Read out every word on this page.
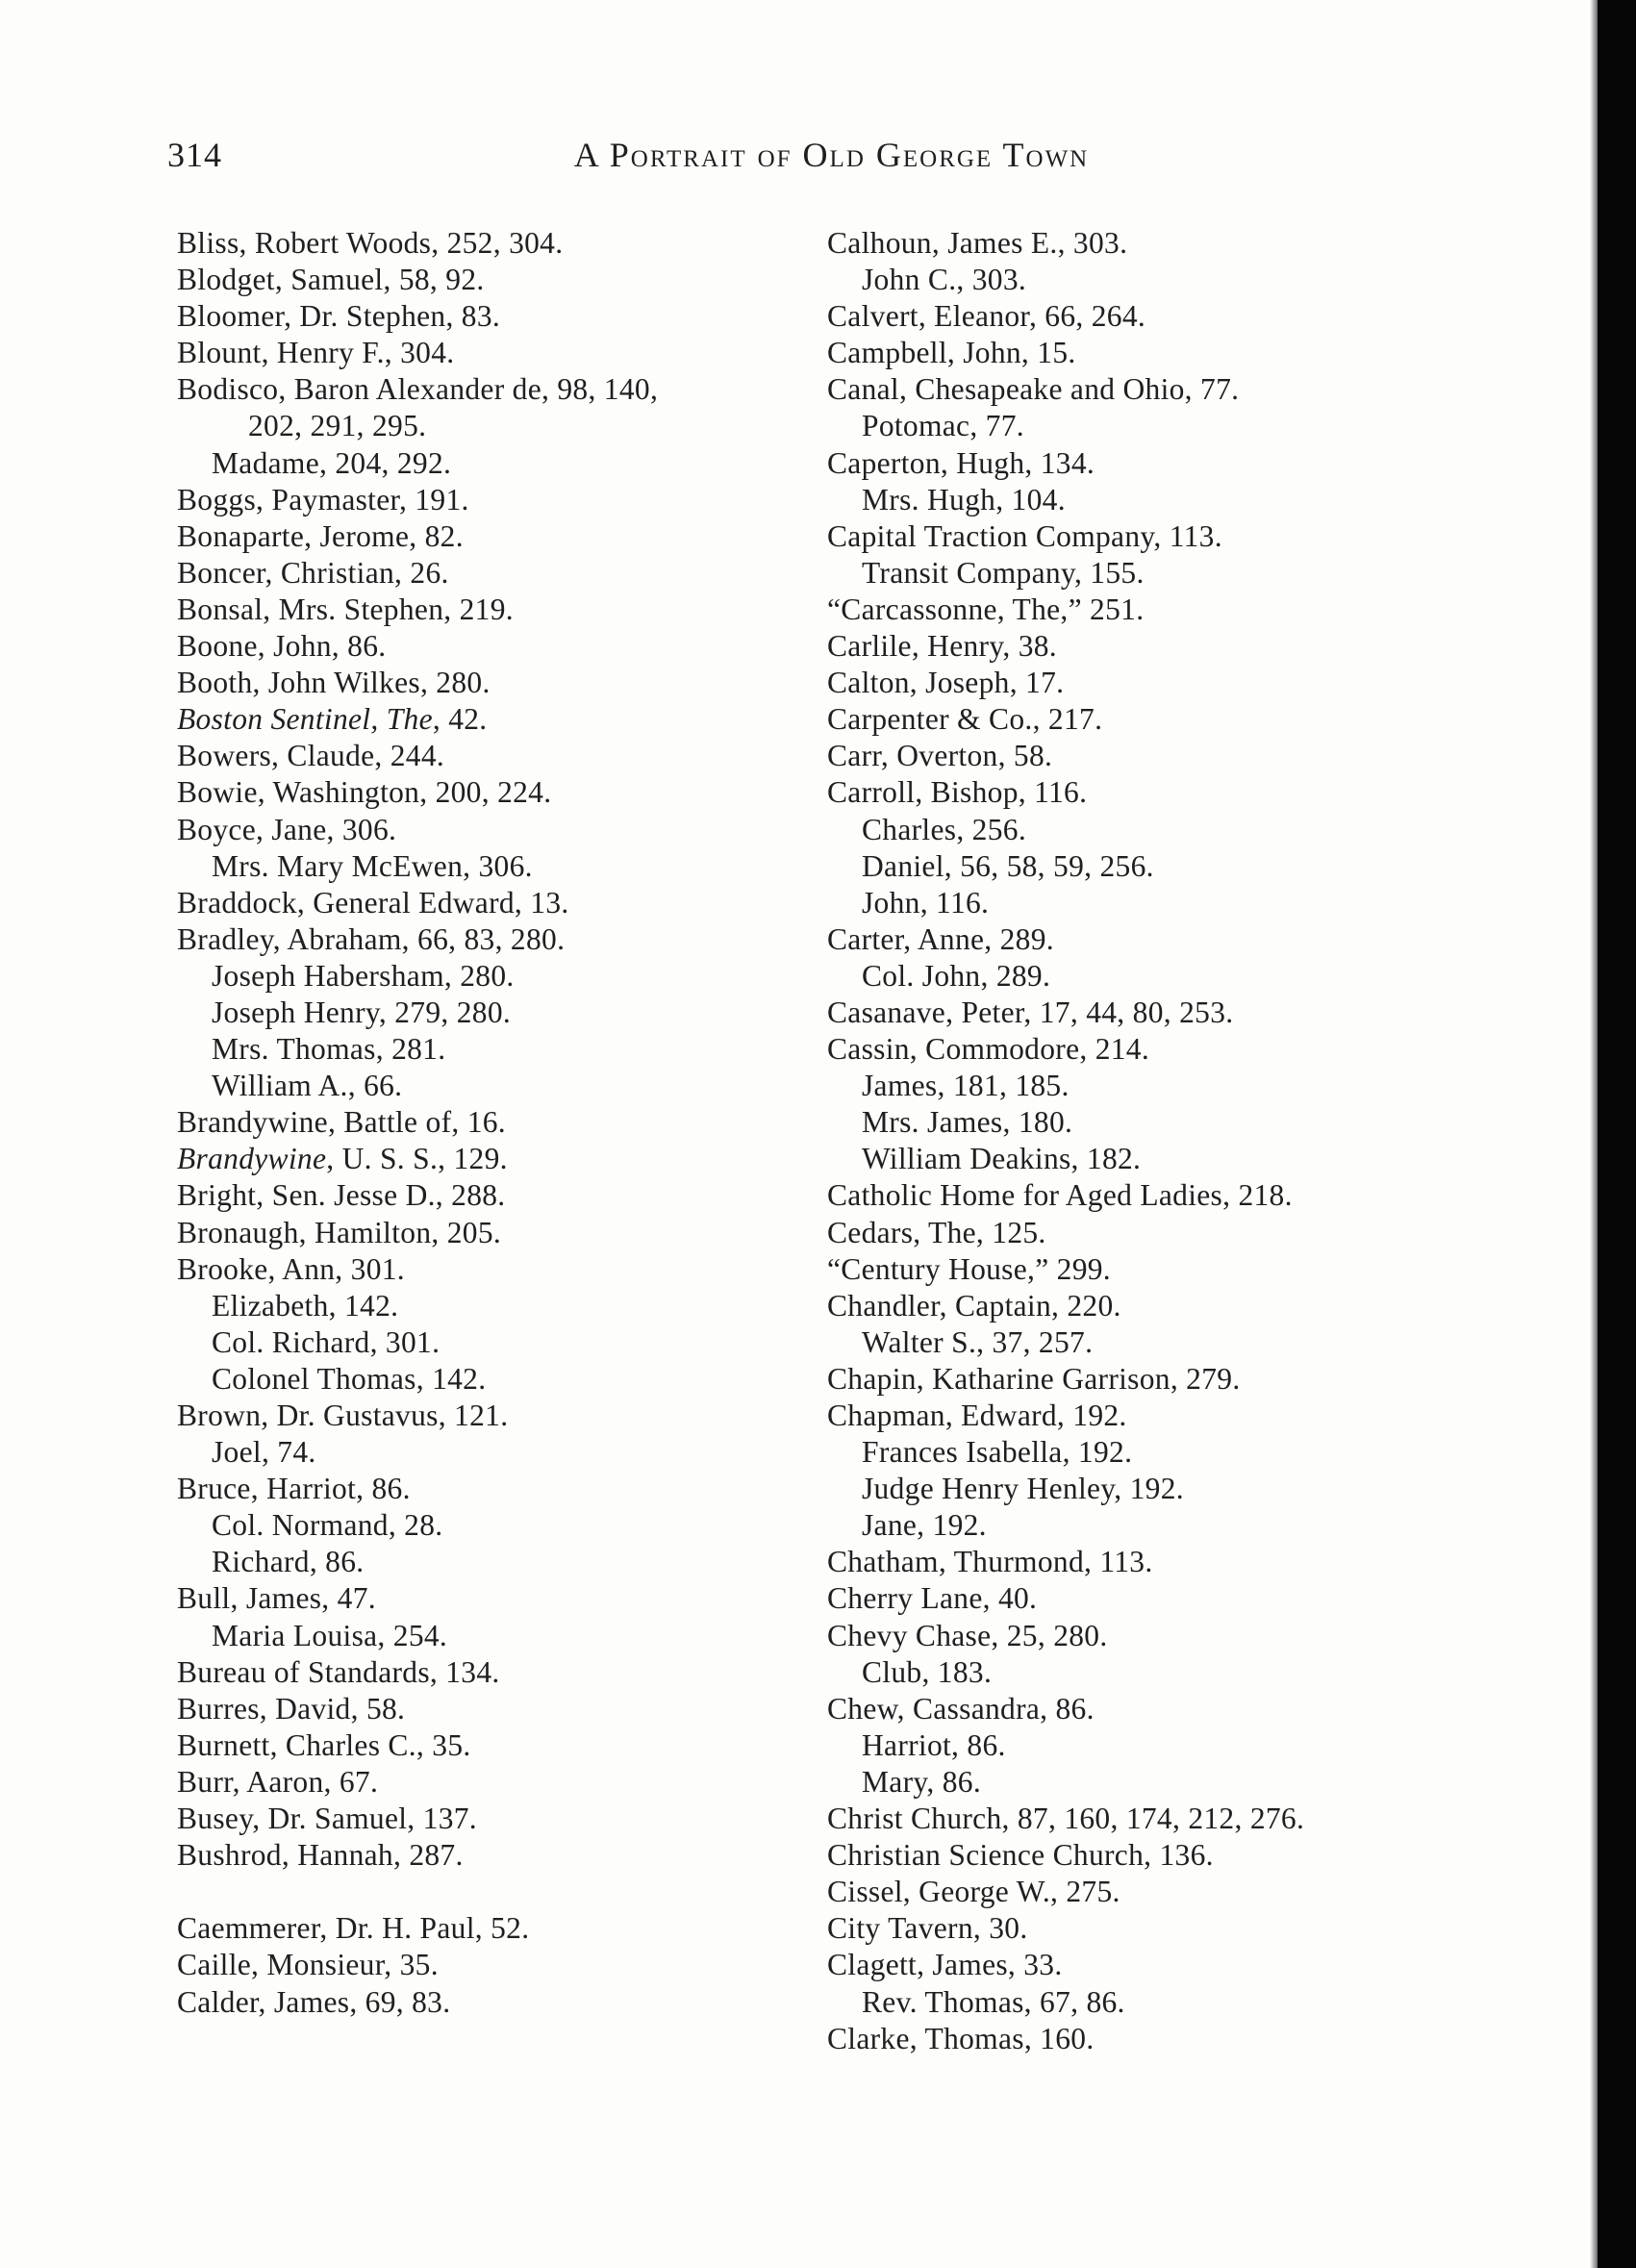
314	A Portrait of Old George Town
Bliss, Robert Woods, 252, 304.
Blodget, Samuel, 58, 92.
Bloomer, Dr. Stephen, 83.
Blount, Henry F., 304.
Bodisco, Baron Alexander de, 98, 140,
202, 291, 295.
Madame, 204, 292.
Boggs, Paymaster, 191.
Bonaparte, Jerome, 82.
Boncer, Christian, 26.
Bonsal, Mrs. Stephen, 219.
Boone, John, 86.
Booth, John Wilkes, 280.
Boston Sentinel, The, 42.
Bowers, Claude, 244.
Bowie, Washington, 200, 224.
Boyce, Jane, 306.
Mrs. Mary McEwen, 306.
Braddock, General Edward, 13.
Bradley, Abraham, 66, 83, 280.
Joseph Habersham, 280.
Joseph Henry, 279, 280.
Mrs. Thomas, 281.
William A., 66.
Brandywine, Battle of, 16.
Brandywine, U. S. S., 129.
Bright, Sen. Jesse D., 288.
Bronaugh, Hamilton, 205.
Brooke, Ann, 301.
Elizabeth, 142.
Col. Richard, 301.
Colonel Thomas, 142.
Brown, Dr. Gustavus, 121.
Joel, 74.
Bruce, Harriot, 86.
Col. Normand, 28.
Richard, 86.
Bull, James, 47.
Maria Louisa, 254.
Bureau of Standards, 134.
Burres, David, 58.
Burnett, Charles C., 35.
Burr, Aaron, 67.
Busey, Dr. Samuel, 137.
Bushrod, Hannah, 287.
Caemmerer, Dr. H. Paul, 52.
Caille, Monsieur, 35.
Calder, James, 69, 83.
Calhoun, James E., 303.
John C., 303.
Calvert, Eleanor, 66, 264.
Campbell, John, 15.
Canal, Chesapeake and Ohio, 77.
Potomac, 77.
Caperton, Hugh, 134.
Mrs. Hugh, 104.
Capital Traction Company, 113.
Transit Company, 155.
“Carcassonne, The,” 251.
Carlile, Henry, 38.
Calton, Joseph, 17.
Carpenter & Co., 217.
Carr, Overton, 58.
Carroll, Bishop, 116.
Charles, 256.
Daniel, 56, 58, 59, 256.
John, 116.
Carter, Anne, 289.
Col. John, 289.
Casanave, Peter, 17, 44, 80, 253.
Cassin, Commodore, 214.
James, 181, 185.
Mrs. James, 180.
William Deakins, 182.
Catholic Home for Aged Ladies, 218.
Cedars, The, 125.
“Century House,” 299.
Chandler, Captain, 220.
Walter S., 37, 257.
Chapin, Katharine Garrison, 279.
Chapman, Edward, 192.
Frances Isabella, 192.
Judge Henry Henley, 192.
Jane, 192.
Chatham, Thurmond, 113.
Cherry Lane, 40.
Chevy Chase, 25, 280.
Club, 183.
Chew, Cassandra, 86.
Harriot, 86.
Mary, 86.
Christ Church, 87, 160, 174, 212, 276.
Christian Science Church, 136.
Cissel, George W., 275.
City Tavern, 30.
Clagett, James, 33.
Rev. Thomas, 67, 86.
Clarke, Thomas, 160.
